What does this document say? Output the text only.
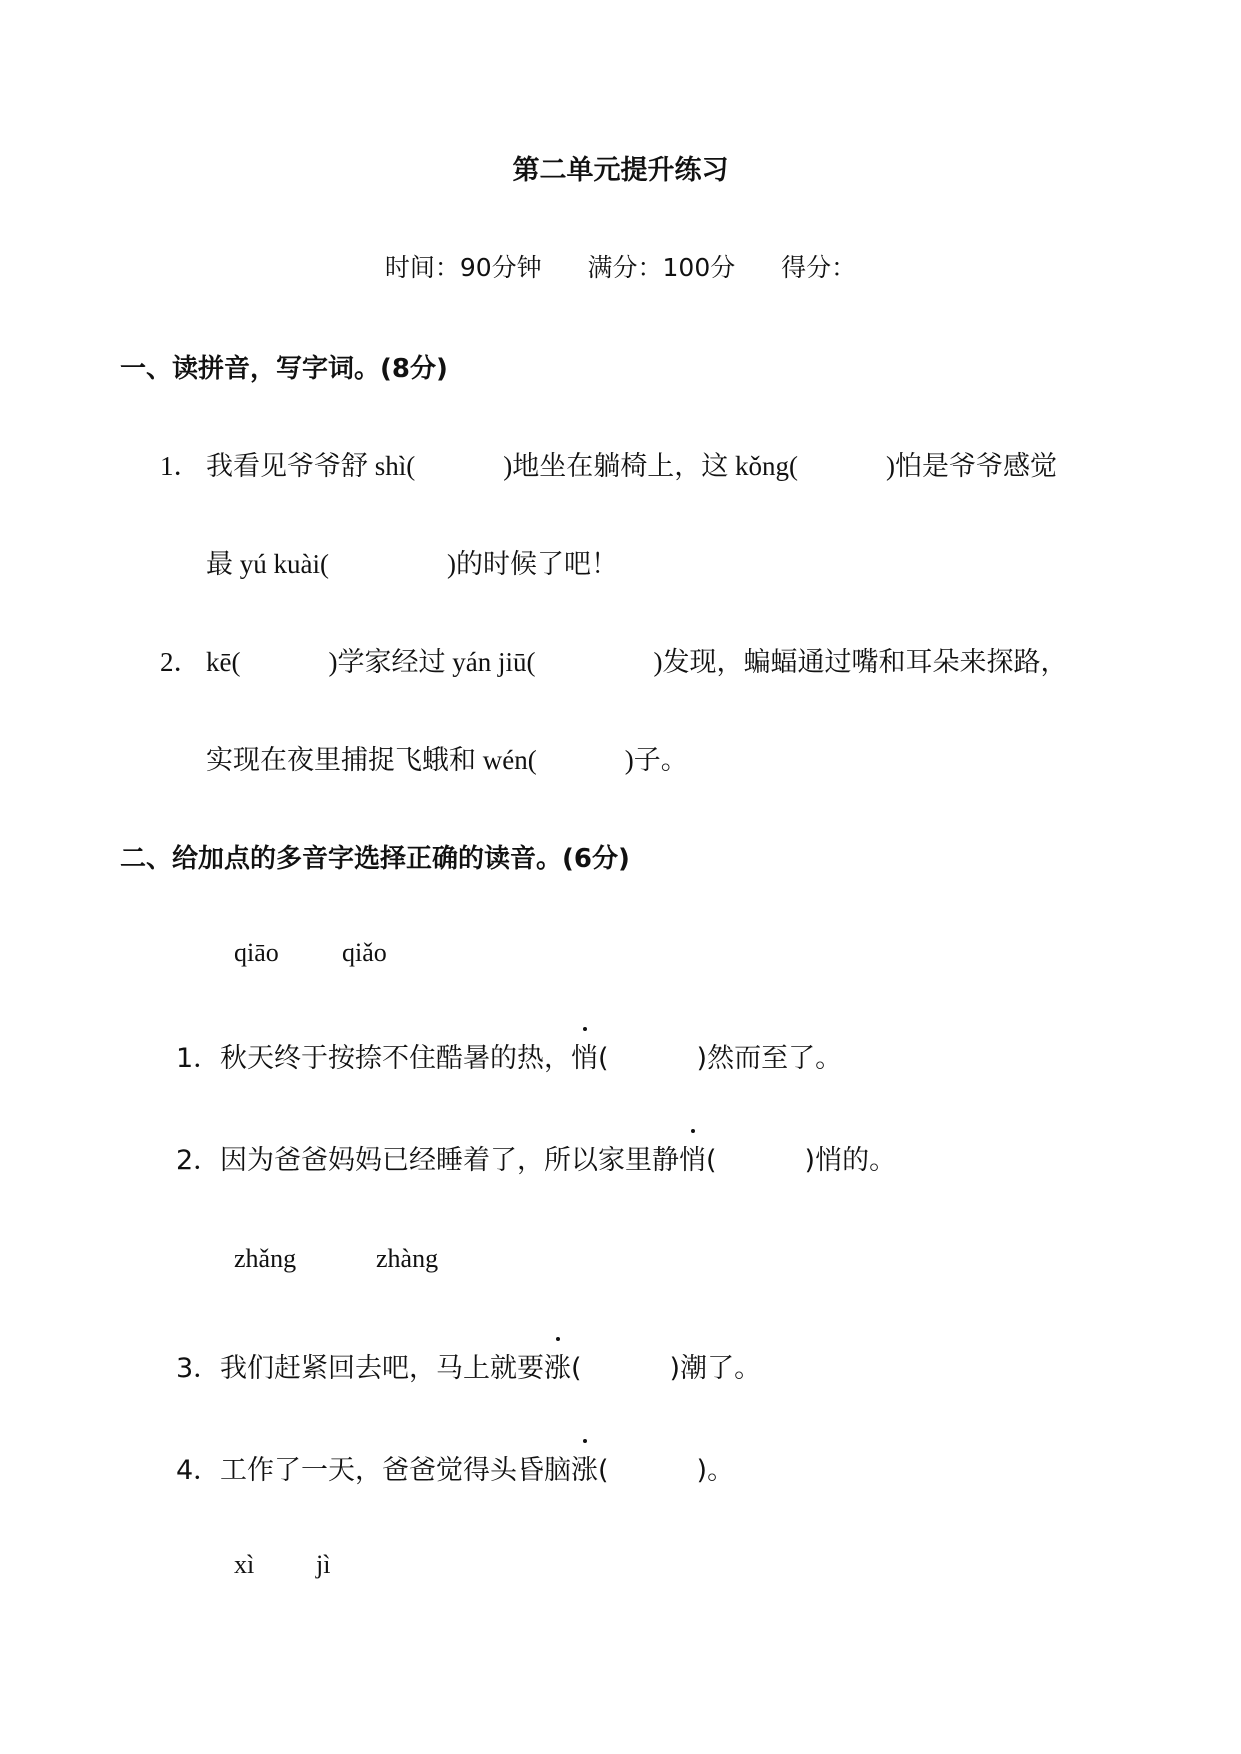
第二单元提升练习
时间：90分钟 满分：100分 得分：
一、读拼音，写字词。(8分)
1． 我看见爷爷舒 shì(	)地坐在躺椅上，这 kǒng(	)怕是爷爷感觉
最 yú kuài(	)的时候了吧！
2． kē(	)学家经过 yán jiū(	)发现，蝙蝠通过嘴和耳朵来探路，
实现在夜里捕捉飞蛾和 wén(	)子。
二、给加点的多音字选择正确的读音。(6分)
qiāo qiǎo
1．秋天终于按捺不住酷暑的热，悄(	)然而至了。
2．因为爸爸妈妈已经睡着了，所以家里静悄(	)悄的。
zhǎng	zhàng
3．我们赶紧回去吧，马上就要涨(	)潮了。
4．工作了一天，爸爸觉得头昏脑涨(	)。
xì jì
